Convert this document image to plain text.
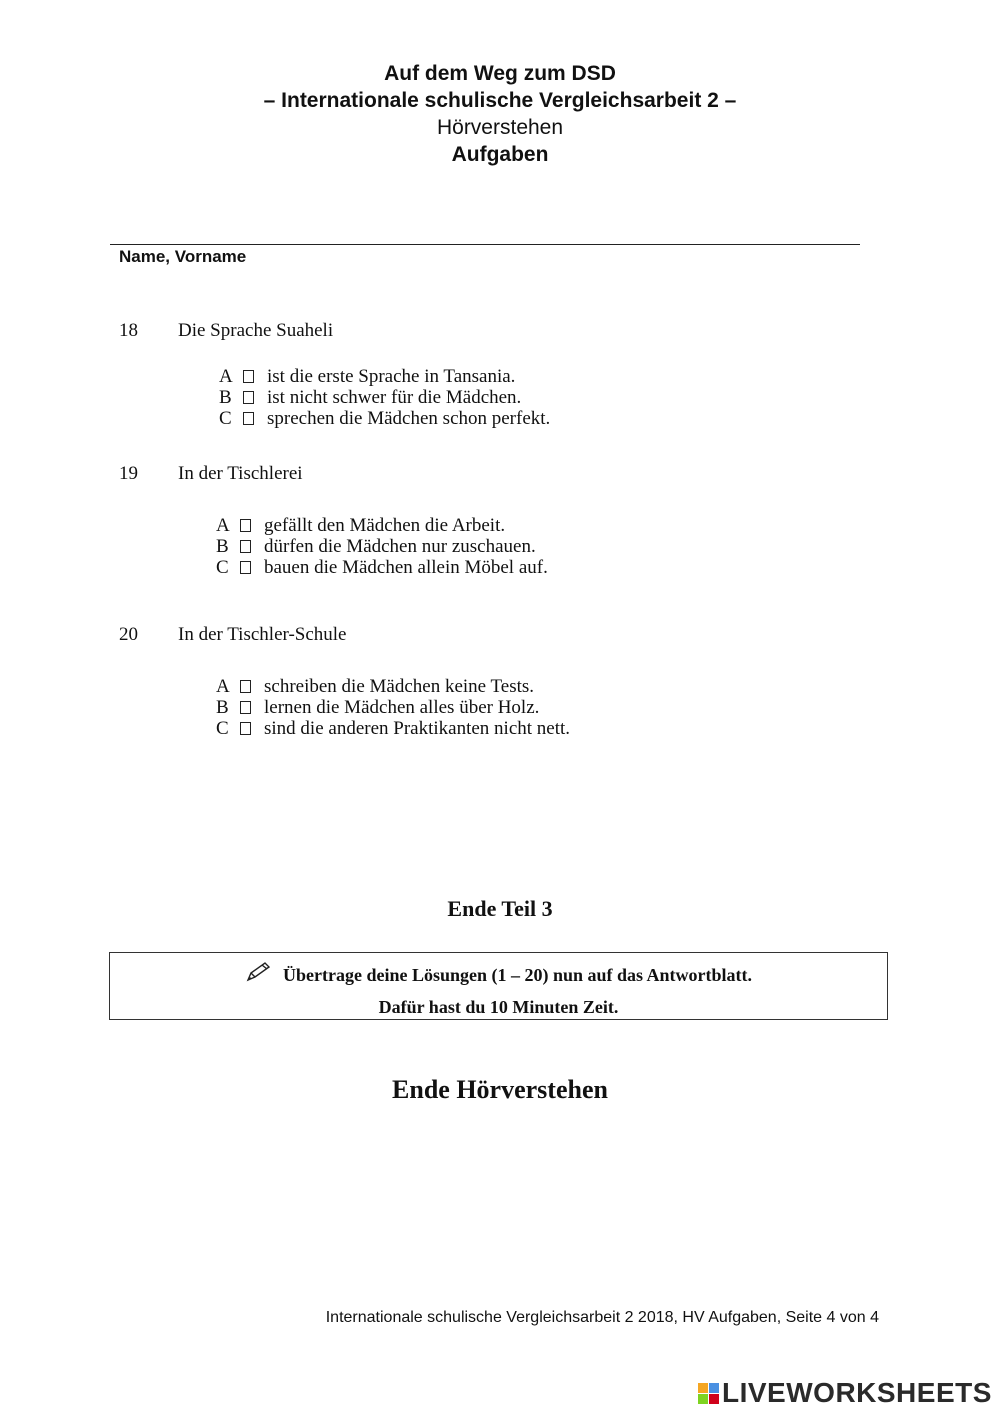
Auf dem Weg zum DSD
– Internationale schulische Vergleichsarbeit 2 –
Hörverstehen
Aufgaben
Name, Vorname
18 Die Sprache Suaheli
A	ist die erste Sprache in Tansania.
B	ist nicht schwer für die Mädchen.
C	sprechen die Mädchen schon perfekt.
19 In der Tischlerei
A	gefällt den Mädchen die Arbeit.
B	dürfen die Mädchen nur zuschauen.
C	bauen die Mädchen allein Möbel auf.
20 In der Tischler-Schule
A	schreiben die Mädchen keine Tests.
B	lernen die Mädchen alles über Holz.
C	sind die anderen Praktikanten nicht nett.
Ende Teil 3
Übertrage deine Lösungen (1 – 20) nun auf das Antwortblatt.
Dafür hast du 10 Minuten Zeit.
Ende Hörverstehen
Internationale schulische Vergleichsarbeit 2 2018, HV Aufgaben, Seite 4 von 4
LIVEWORKSHEETS
